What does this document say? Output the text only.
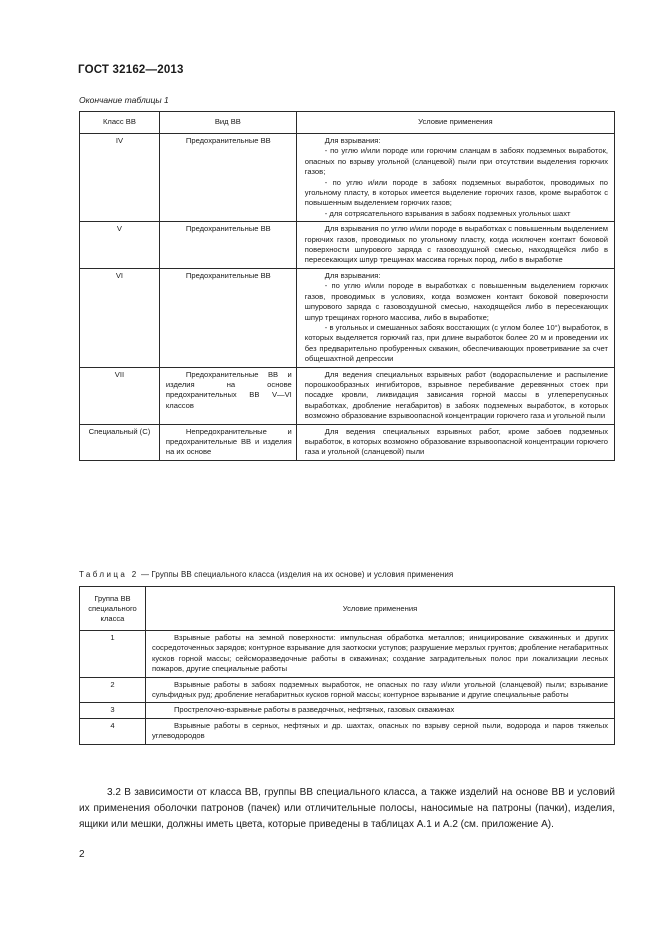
ГОСТ 32162—2013
Окончание таблицы 1
Класс ВВ	Вид ВВ	Условие применения
IV	Предохранительные ВВ	Для взрывания:
- по углю и/или породе или горючим сланцам в забоях подземных выработок, опасных по взрыву угольной (сланцевой) пыли при отсутствии выделения горючих газов;
- по углю и/или породе в забоях подземных выработок, проводимых по угольному пласту, в которых имеется выделение горючих газов, кроме выработок с повышенным выделением горючих газов;
- для сотрясательного взрывания в забоях подземных угольных шахт

V	Предохранительные ВВ	Для взрывания по углю и/или породе в выработках с повышенным выделением горючих газов, проводимых по угольному пласту, когда исключен контакт боковой поверхности шпурового заряда с газовоздушной смесью, находящейся либо в пересекающих шпур трещинах массива горных пород, либо в выработке

VI	Предохранительные ВВ	Для взрывания:
- по углю и/или породе в выработках с повышенным выделением горючих газов, проводимых в условиях, когда возможен контакт боковой поверхности шпурового заряда с газовоздушной смесью, находящейся либо в пересекающих шпур трещинах горного массива, либо в выработке;
- в угольных и смешанных забоях восстающих (с углом более 10°) выработок, в которых выделяется горючий газ, при длине выработок более 20 м и проведении их без предварительно пробуренных скважин, обеспечивающих проветривание за счет общешахтной депрессии

VII	Предохранительные ВВ и изделия на основе предохранительных ВВ V—VI классов	Для ведения специальных взрывных работ (водораспыление и распыление порошкообразных ингибиторов, взрывное перебивание деревянных стоек при посадке кровли, ликвидация зависания горной массы в углеперепускных выработках, дробление негабаритов) в забоях подземных выработок, в которых возможно образование взрывоопасной концентрации горючего газа и угольной пыли

Специальный (С)	Непредохранительные и предохранительные ВВ и изделия на их основе	Для ведения специальных взрывных работ, кроме забоев подземных выработок, в которых возможно образование взрывоопасной концентрации горючего газа и угольной (сланцевой) пыли
Таблица 2 — Группы ВВ специального класса (изделия на их основе) и условия применения
Группа ВВ специального класса	Условие применения
1	Взрывные работы на земной поверхности: импульсная обработка металлов; инициирование скважинных и других сосредоточенных зарядов; контурное взрывание для заоткоски уступов; разрушение мерзлых грунтов; дробление негабаритных кусков горной массы; сейсморазведочные работы в скважинах; создание заградительных полос при локализации лесных пожаров, другие специальные работы

2	Взрывные работы в забоях подземных выработок, не опасных по газу и/или угольной (сланцевой) пыли; взрывание сульфидных руд; дробление негабаритных кусков горной массы; контурное взрывание и другие специальные работы

3	Прострелочно-взрывные работы в разведочных, нефтяных, газовых скважинах

4	Взрывные работы в серных, нефтяных и др. шахтах, опасных по взрыву серной пыли, водорода и паров тяжелых углеводородов
3.2 В зависимости от класса ВВ, группы ВВ специального класса, а также изделий на основе ВВ и условий их применения оболочки патронов (пачек) или отличительные полосы, наносимые на патроны (пачки), изделия, ящики или мешки, должны иметь цвета, которые приведены в таблицах А.1 и А.2 (см. приложение А).
2
